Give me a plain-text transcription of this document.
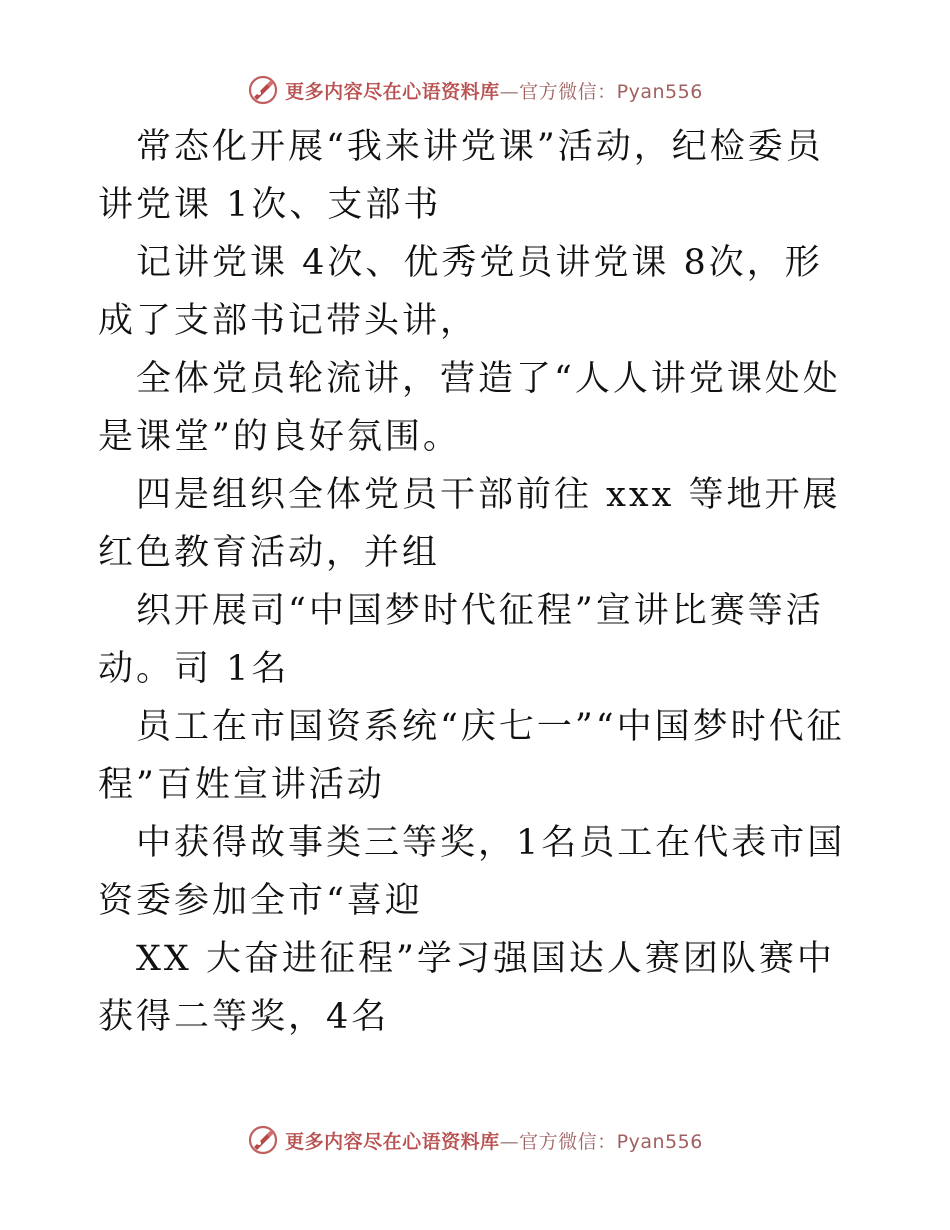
更多内容尽在心语资料库—官方微信：Pyan556

常态化开展“我来讲党课”活动，纪检委员讲党课 1次、支部书

记讲党课 4次、优秀党员讲党课 8次，形成了支部书记带头讲，

全体党员轮流讲，营造了“人人讲党课处处是课堂”的良好氛围。

四是组织全体党员干部前往 xxx 等地开展红色教育活动，并组

织开展司“中国梦时代征程”宣讲比赛等活动。司 1名

员工在市国资系统“庆七一”“中国梦时代征程”百姓宣讲活动

中获得故事类三等奖，1名员工在代表市国资委参加全市“喜迎

XX 大奋进征程”学习强国达人赛团队赛中获得二等奖，4名

更多内容尽在心语资料库—官方微信：Pyan556
